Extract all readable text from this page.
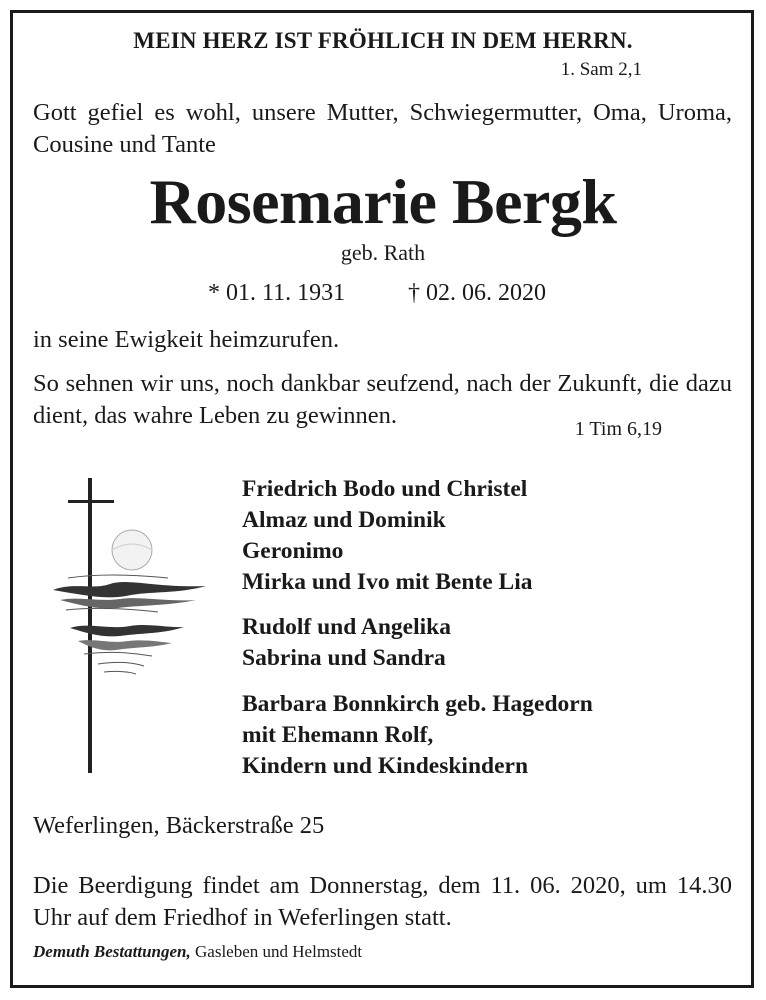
MEIN HERZ IST FRÖHLICH IN DEM HERRN.
1. Sam 2,1
Gott gefiel es wohl, unsere Mutter, Schwiegermutter, Oma, Uroma, Cousine und Tante
Rosemarie Bergk
geb. Rath
* 01. 11. 1931	† 02. 06. 2020
in seine Ewigkeit heimzurufen.
So sehnen wir uns, noch dankbar seufzend, nach der Zukunft, die dazu dient, das wahre Leben zu gewinnen.	1 Tim 6,19
Friedrich Bodo und Christel
Almaz und Dominik
Geronimo
Mirka und Ivo mit Bente Lia
Rudolf und Angelika
Sabrina und Sandra
Barbara Bonnkirch geb. Hagedorn
mit Ehemann Rolf,
Kindern und Kindeskindern
Weferlingen, Bäckerstraße 25
Die Beerdigung findet am Donnerstag, dem 11. 06. 2020, um 14.30 Uhr auf dem Friedhof in Weferlingen statt.
Demuth Bestattungen, Gasleben und Helmstedt
